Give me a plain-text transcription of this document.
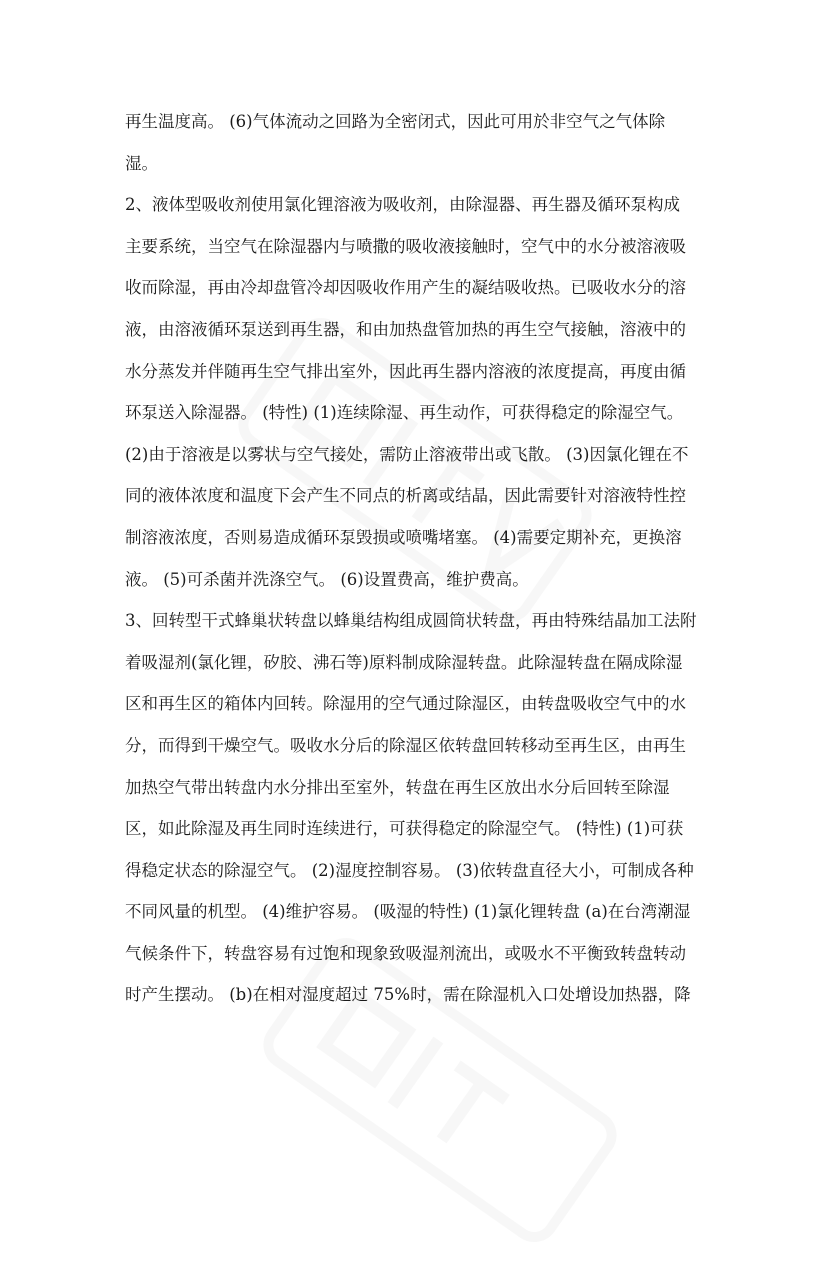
再生温度高。 (6)气体流动之回路为全密闭式，因此可用於非空气之气体除
湿。
2、液体型吸收剂使用氯化锂溶液为吸收剂，由除湿器、再生器及循环泵构成
主要系统，当空气在除湿器内与喷撒的吸收液接触时，空气中的水分被溶液吸
收而除湿，再由冷却盘管冷却因吸收作用产生的凝结吸收热。已吸收水分的溶
液，由溶液循环泵送到再生器，和由加热盘管加热的再生空气接触，溶液中的
水分蒸发并伴随再生空气排出室外，因此再生器内溶液的浓度提高，再度由循
环泵送入除湿器。 (特性) (1)连续除湿、再生动作，可获得稳定的除湿空气。
(2)由于溶液是以雾状与空气接处，需防止溶液带出或飞散。 (3)因氯化锂在不
同的液体浓度和温度下会产生不同点的析离或结晶，因此需要针对溶液特性控
制溶液浓度，否则易造成循环泵毁损或喷嘴堵塞。 (4)需要定期补充，更换溶
液。 (5)可杀菌并洗涤空气。 (6)设置费高，维护费高。
3、回转型干式蜂巢状转盘以蜂巢结构组成圆筒状转盘，再由特殊结晶加工法附
着吸湿剂(氯化锂，矽胶、沸石等)原料制成除湿转盘。此除湿转盘在隔成除湿
区和再生区的箱体内回转。除湿用的空气通过除湿区，由转盘吸收空气中的水
分，而得到干燥空气。吸收水分后的除湿区依转盘回转移动至再生区，由再生
加热空气带出转盘内水分排出至室外，转盘在再生区放出水分后回转至除湿
区，如此除湿及再生同时连续进行，可获得稳定的除湿空气。 (特性) (1)可获
得稳定状态的除湿空气。 (2)湿度控制容易。 (3)依转盘直径大小，可制成各种
不同风量的机型。 (4)维护容易。 (吸湿的特性) (1)氯化锂转盘 (a)在台湾潮湿
气候条件下，转盘容易有过饱和现象致吸湿剂流出，或吸水不平衡致转盘转动
时产生摆动。 (b)在相对湿度超过 75%时，需在除湿机入口处增设加热器，降
